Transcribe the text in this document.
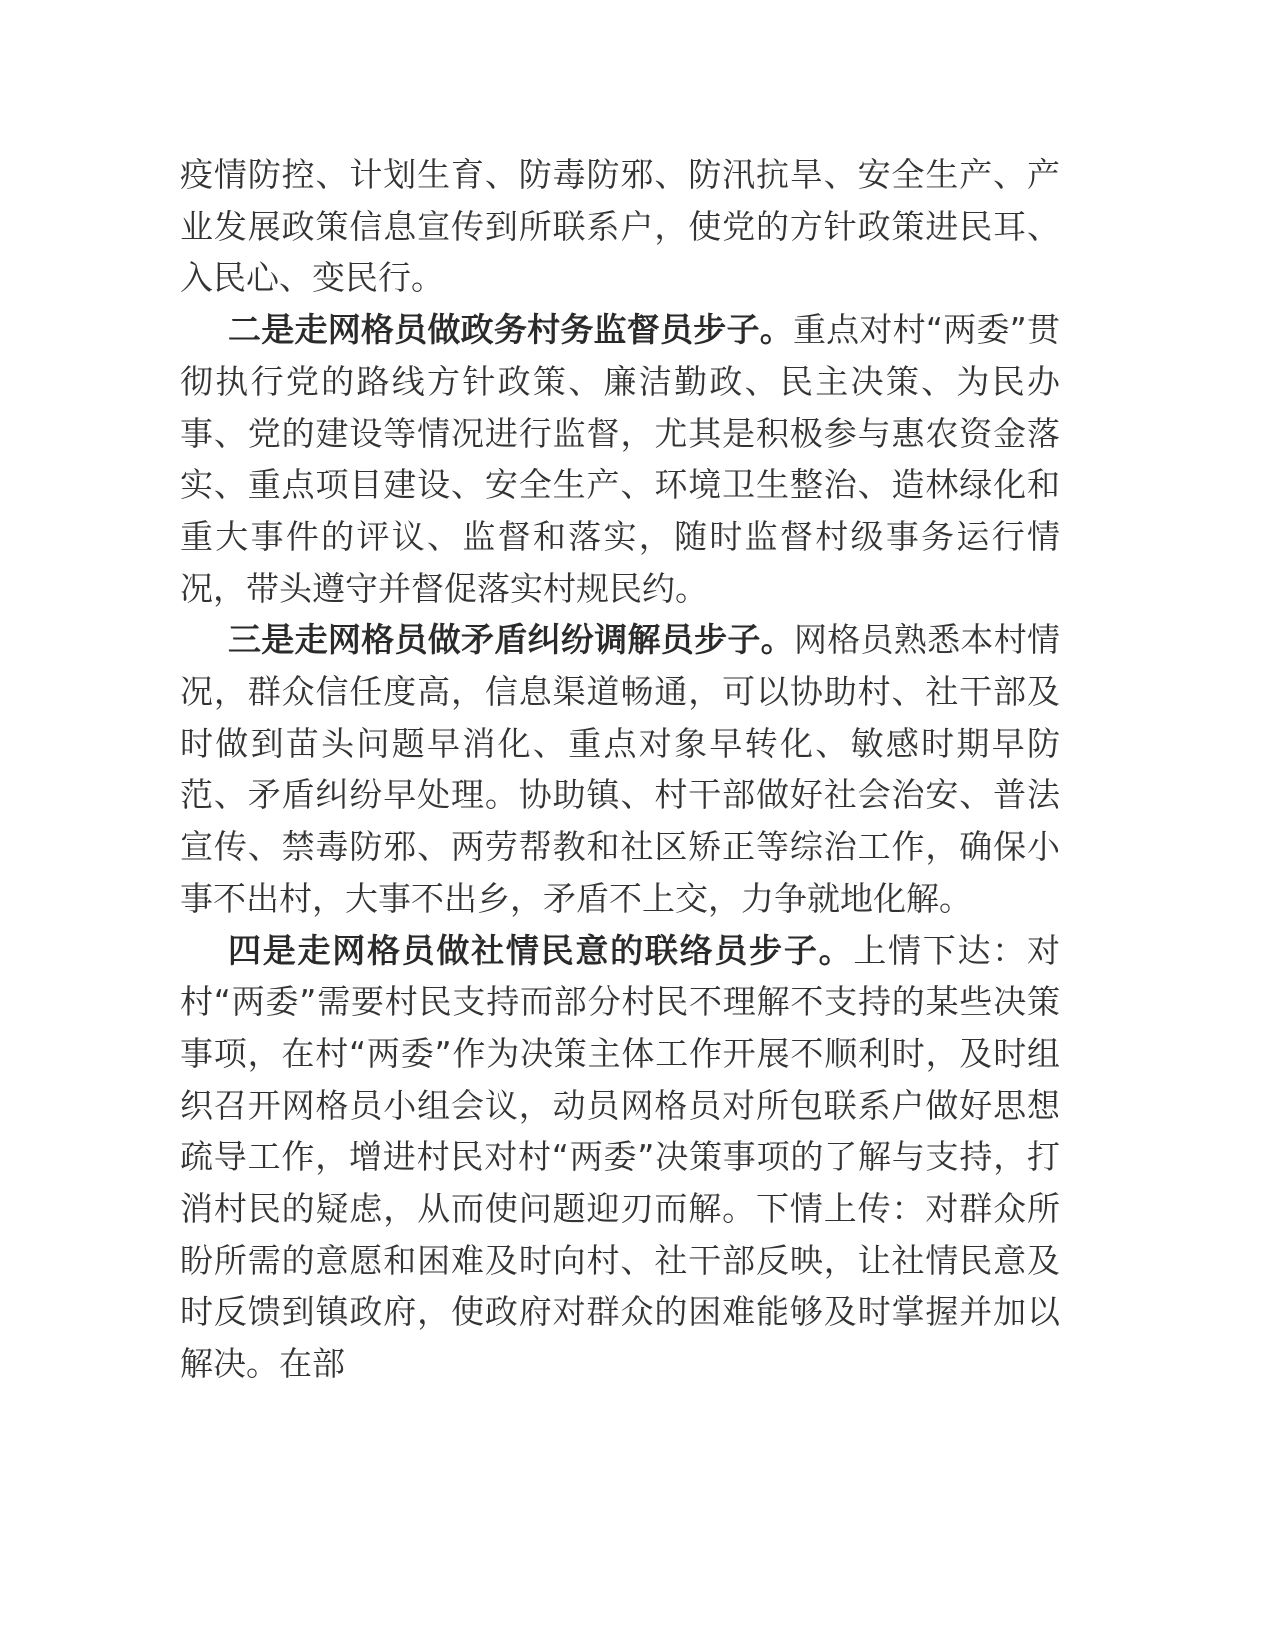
疫情防控、计划生育、防毒防邪、防汛抗旱、安全生产、产业发展政策信息宣传到所联系户，使党的方针政策进民耳、入民心、变民行。

二是走网格员做政务村务监督员步子。重点对村“两委”贯彻执行党的路线方针政策、廉洁勤政、民主决策、为民办事、党的建设等情况进行监督，尤其是积极参与惠农资金落实、重点项目建设、安全生产、环境卫生整治、造林绿化和重大事件的评议、监督和落实，随时监督村级事务运行情况，带头遵守并督促落实村规民约。

三是走网格员做矛盾纠纷调解员步子。网格员熟悉本村情况，群众信任度高，信息渠道畅通，可以协助村、社干部及时做到苗头问题早消化、重点对象早转化、敏感时期早防范、矛盾纠纷早处理。协助镇、村干部做好社会治安、普法宣传、禁毒防邪、两劳帮教和社区矫正等综治工作，确保小事不出村，大事不出乡，矛盾不上交，力争就地化解。

四是走网格员做社情民意的联络员步子。上情下达：对村“两委”需要村民支持而部分村民不理解不支持的某些决策事项，在村“两委”作为决策主体工作开展不顺利时，及时组织召开网格员小组会议，动员网格员对所包联系户做好思想疏导工作，增进村民对村“两委”决策事项的了解与支持，打消村民的疑虑，从而使问题迎刃而解。下情上传：对群众所盼所需的意愿和困难及时向村、社干部反映，让社情民意及时反馈到镇政府，使政府对群众的困难能够及时掌握并加以解决。在部
